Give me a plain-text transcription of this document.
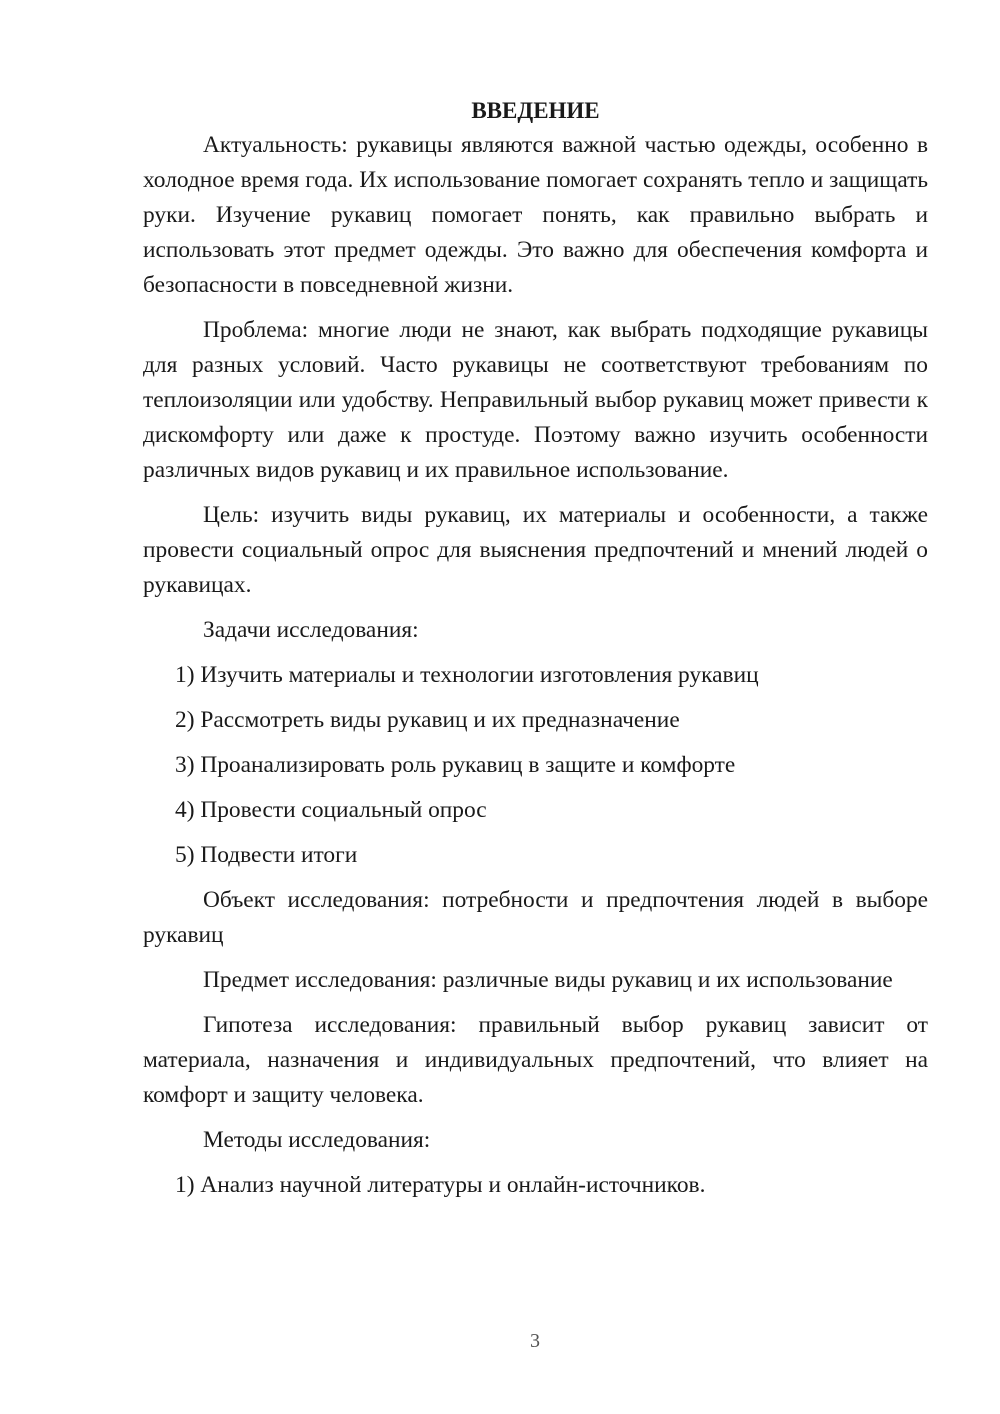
ВВЕДЕНИЕ

Актуальность: рукавицы являются важной частью одежды, особенно в холодное время года. Их использование помогает сохранять тепло и защищать руки. Изучение рукавиц помогает понять, как правильно выбрать и использовать этот предмет одежды. Это важно для обеспечения комфорта и безопасности в повседневной жизни.

Проблема: многие люди не знают, как выбрать подходящие рукавицы для разных условий. Часто рукавицы не соответствуют требованиям по теплоизоляции или удобству. Неправильный выбор рукавиц может привести к дискомфорту или даже к простуде. Поэтому важно изучить особенности различных видов рукавиц и их правильное использование.

Цель: изучить виды рукавиц, их материалы и особенности, а также провести социальный опрос для выяснения предпочтений и мнений людей о рукавицах.

Задачи исследования:

1) Изучить материалы и технологии изготовления рукавиц

2) Рассмотреть виды рукавиц и их предназначение

3) Проанализировать роль рукавиц в защите и комфорте

4) Провести социальный опрос

5) Подвести итоги

Объект исследования: потребности и предпочтения людей в выборе рукавиц

Предмет исследования: различные виды рукавиц и их использование

Гипотеза исследования: правильный выбор рукавиц зависит от материала, назначения и индивидуальных предпочтений, что влияет на комфорт и защиту человека.

Методы исследования:

1) Анализ научной литературы и онлайн-источников.

3
